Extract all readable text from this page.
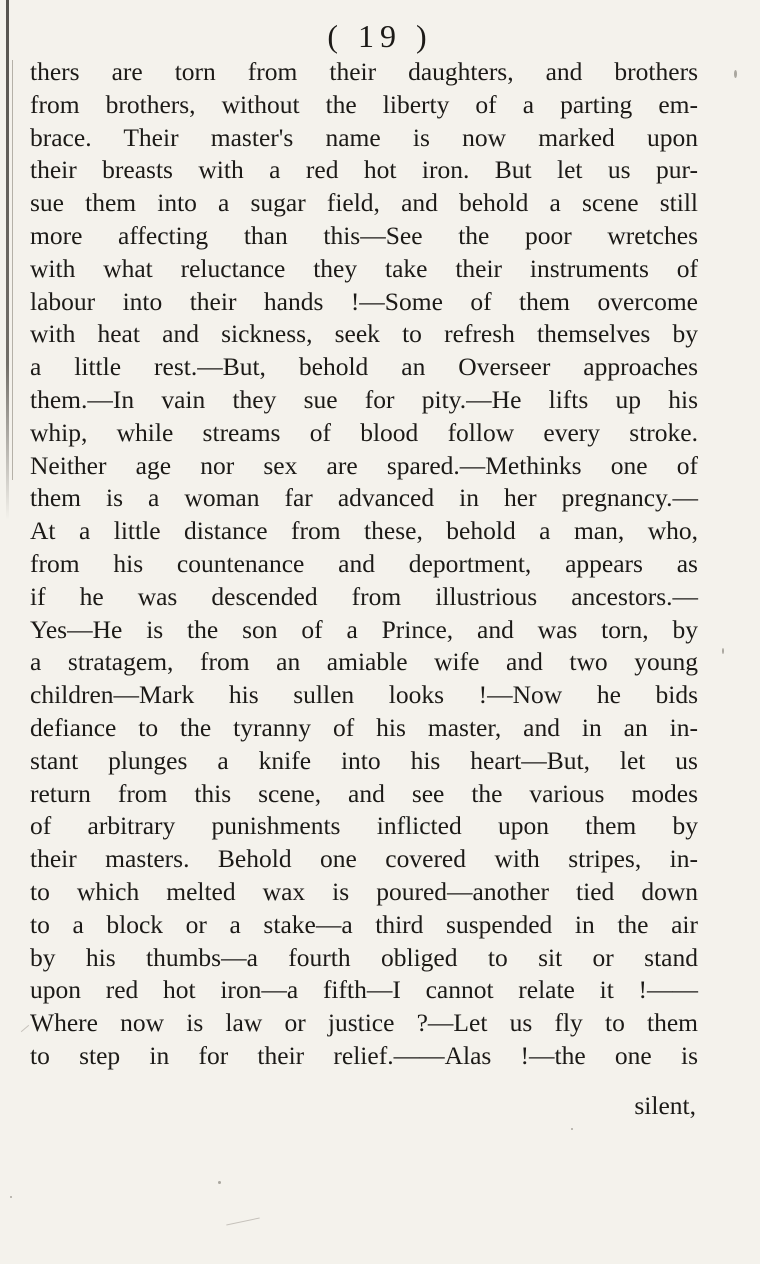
( 19 )
thers are torn from their daughters, and brothers
from brothers, without the liberty of a parting em-
brace. Their master's name is now marked upon
their breasts with a red hot iron. But let us pur-
sue them into a sugar field, and behold a scene still
more affecting than this—See the poor wretches
with what reluctance they take their instruments of
labour into their hands !—Some of them overcome
with heat and sickness, seek to refresh themselves by
a little rest.—But, behold an Overseer approaches
them.—In vain they sue for pity.—He lifts up his
whip, while streams of blood follow every stroke.
Neither age nor sex are spared.—Methinks one of
them is a woman far advanced in her pregnancy.—
At a little distance from these, behold a man, who,
from his countenance and deportment, appears as
if he was descended from illustrious ancestors.—
Yes—He is the son of a Prince, and was torn, by
a stratagem, from an amiable wife and two young
children—Mark his sullen looks !—Now he bids
defiance to the tyranny of his master, and in an in-
stant plunges a knife into his heart—But, let us
return from this scene, and see the various modes
of arbitrary punishments inflicted upon them by
their masters. Behold one covered with stripes, in-
to which melted wax is poured—another tied down
to a block or a stake—a third suspended in the air
by his thumbs—a fourth obliged to sit or stand
upon red hot iron—a fifth—I cannot relate it !——
Where now is law or justice ?—Let us fly to them
to step in for their relief.——Alas !—the one is
silent,
